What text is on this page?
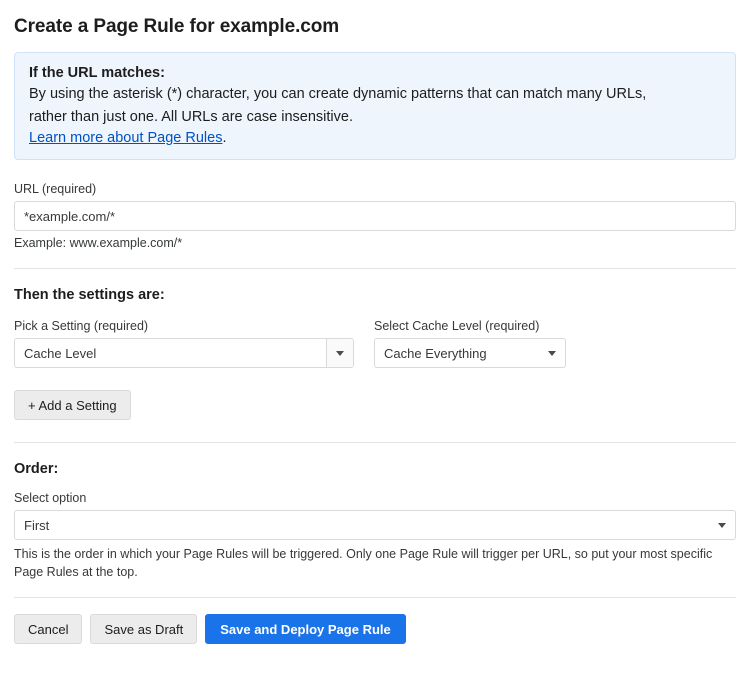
Create a Page Rule for example.com
If the URL matches:
By using the asterisk (*) character, you can create dynamic patterns that can match many URLs,
rather than just one. All URLs are case insensitive.
Learn more about Page Rules.
URL (required)
*example.com/*
Example: www.example.com/*
Then the settings are:
Pick a Setting (required)
Cache Level
Select Cache Level (required)
Cache Everything
+ Add a Setting
Order:
Select option
First
This is the order in which your Page Rules will be triggered. Only one Page Rule will trigger per URL, so put your most specific Page Rules at the top.
Cancel	Save as Draft	Save and Deploy Page Rule
